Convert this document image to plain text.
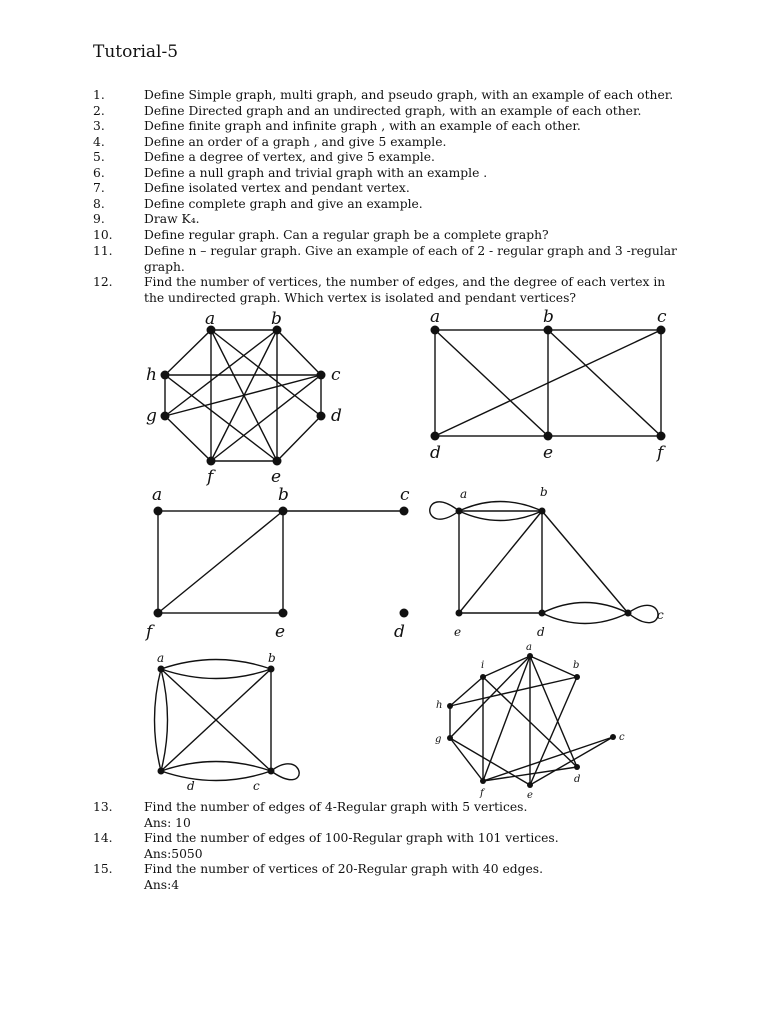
Tutorial-5
1.	Define Simple graph, multi graph, and pseudo graph, with an example of each other.
2.	Define Directed graph and an undirected graph, with an example of each other.
3.	Define finite graph and infinite graph , with an example of each other.
4.	Define an order of a graph , and give 5 example.
5.	Define a degree of vertex, and give 5 example.
6.	Define a null graph and trivial graph with an example .
7.	Define isolated vertex and pendant vertex.
8.	Define complete graph and give an example.
9.	Draw K₄.
10.	Define regular graph. Can a regular graph be a complete graph?
11.	Define n – regular graph. Give an example of each of 2 - regular graph and 3 -regular graph.
12.	Find the number of vertices, the number of edges, and the degree of each vertex in the undirected graph. Which vertex is isolated and pendant vertices?
a	b
c
d
e
f
g
h
a	b	c
d	e	f
a	b	c
d
e
f
a	b
c
d
e
a	b
c
d
a
b
c
d
e
f
g
h
i
13.	Find the number of edges of 4-Regular graph with 5 vertices.
Ans: 10
14.	Find the number of edges of 100-Regular graph with 101 vertices.
Ans:5050
15.	Find the number of vertices of 20-Regular graph with 40 edges.
Ans:4
